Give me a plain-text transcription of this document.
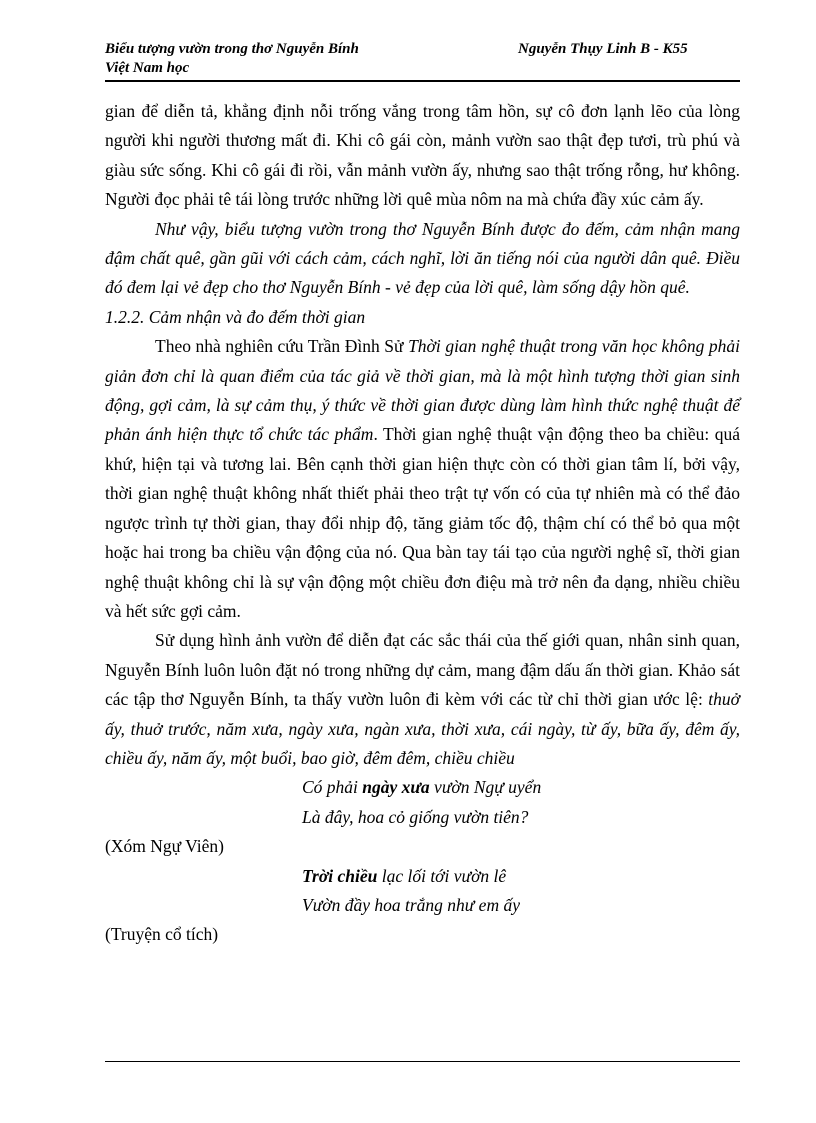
Biểu tượng vườn trong thơ Nguyễn Bính
Việt Nam học
Nguyễn Thụy Linh B - K55

gian để diễn tả, khẳng định nỗi trống vắng trong tâm hồn, sự cô đơn lạnh lẽo của lòng người khi người thương mất đi. Khi cô gái còn, mảnh vườn sao thật đẹp tươi, trù phú và giàu sức sống. Khi cô gái đi rồi, vẫn mảnh vườn ấy, nhưng sao thật trống rỗng, hư không. Người đọc phải tê tái lòng trước những lời quê mùa nôm na mà chứa đầy xúc cảm ấy.

Như vậy, biểu tượng vườn trong thơ Nguyễn Bính được đo đếm, cảm nhận mang đậm chất quê, gần gũi với cách cảm, cách nghĩ, lời ăn tiếng nói của người dân quê. Điều đó đem lại vẻ đẹp cho thơ Nguyễn Bính - vẻ đẹp của lời quê, làm sống dậy hồn quê.

1.2.2. Cảm nhận và đo đếm thời gian

Theo nhà nghiên cứu Trần Đình Sử Thời gian nghệ thuật trong văn học không phải giản đơn chỉ là quan điểm của tác giả về thời gian, mà là một hình tượng thời gian sinh động, gợi cảm, là sự cảm thụ, ý thức về thời gian được dùng làm hình thức nghệ thuật để phản ánh hiện thực tổ chức tác phẩm. Thời gian nghệ thuật vận động theo ba chiều: quá khứ, hiện tại và tương lai. Bên cạnh thời gian hiện thực còn có thời gian tâm lí, bởi vậy, thời gian nghệ thuật không nhất thiết phải theo trật tự vốn có của tự nhiên mà có thể đảo ngược trình tự thời gian, thay đổi nhịp độ, tăng giảm tốc độ, thậm chí có thể bỏ qua một hoặc hai trong ba chiều vận động của nó. Qua bàn tay tái tạo của người nghệ sĩ, thời gian nghệ thuật không chỉ là sự vận động một chiều đơn điệu mà trở nên đa dạng, nhiều chiều và hết sức gợi cảm.

Sử dụng hình ảnh vườn để diễn đạt các sắc thái của thế giới quan, nhân sinh quan, Nguyễn Bính luôn luôn đặt nó trong những dự cảm, mang đậm dấu ấn thời gian. Khảo sát các tập thơ Nguyễn Bính, ta thấy vườn luôn đi kèm với các từ chỉ thời gian ước lệ: thuở ấy, thuở trước, năm xưa, ngày xưa, ngàn xưa, thời xưa, cái ngày, từ ấy, bữa ấy, đêm ấy, chiều ấy, năm ấy, một buổi, bao giờ, đêm đêm, chiều chiều

Có phải ngày xưa vườn Ngự uyển
Là đây, hoa cỏ giống vườn tiên?

(Xóm Ngự Viên)

Trời chiều lạc lối tới vườn lê
Vườn đầy hoa trắng như em ấy

(Truyện cổ tích)
